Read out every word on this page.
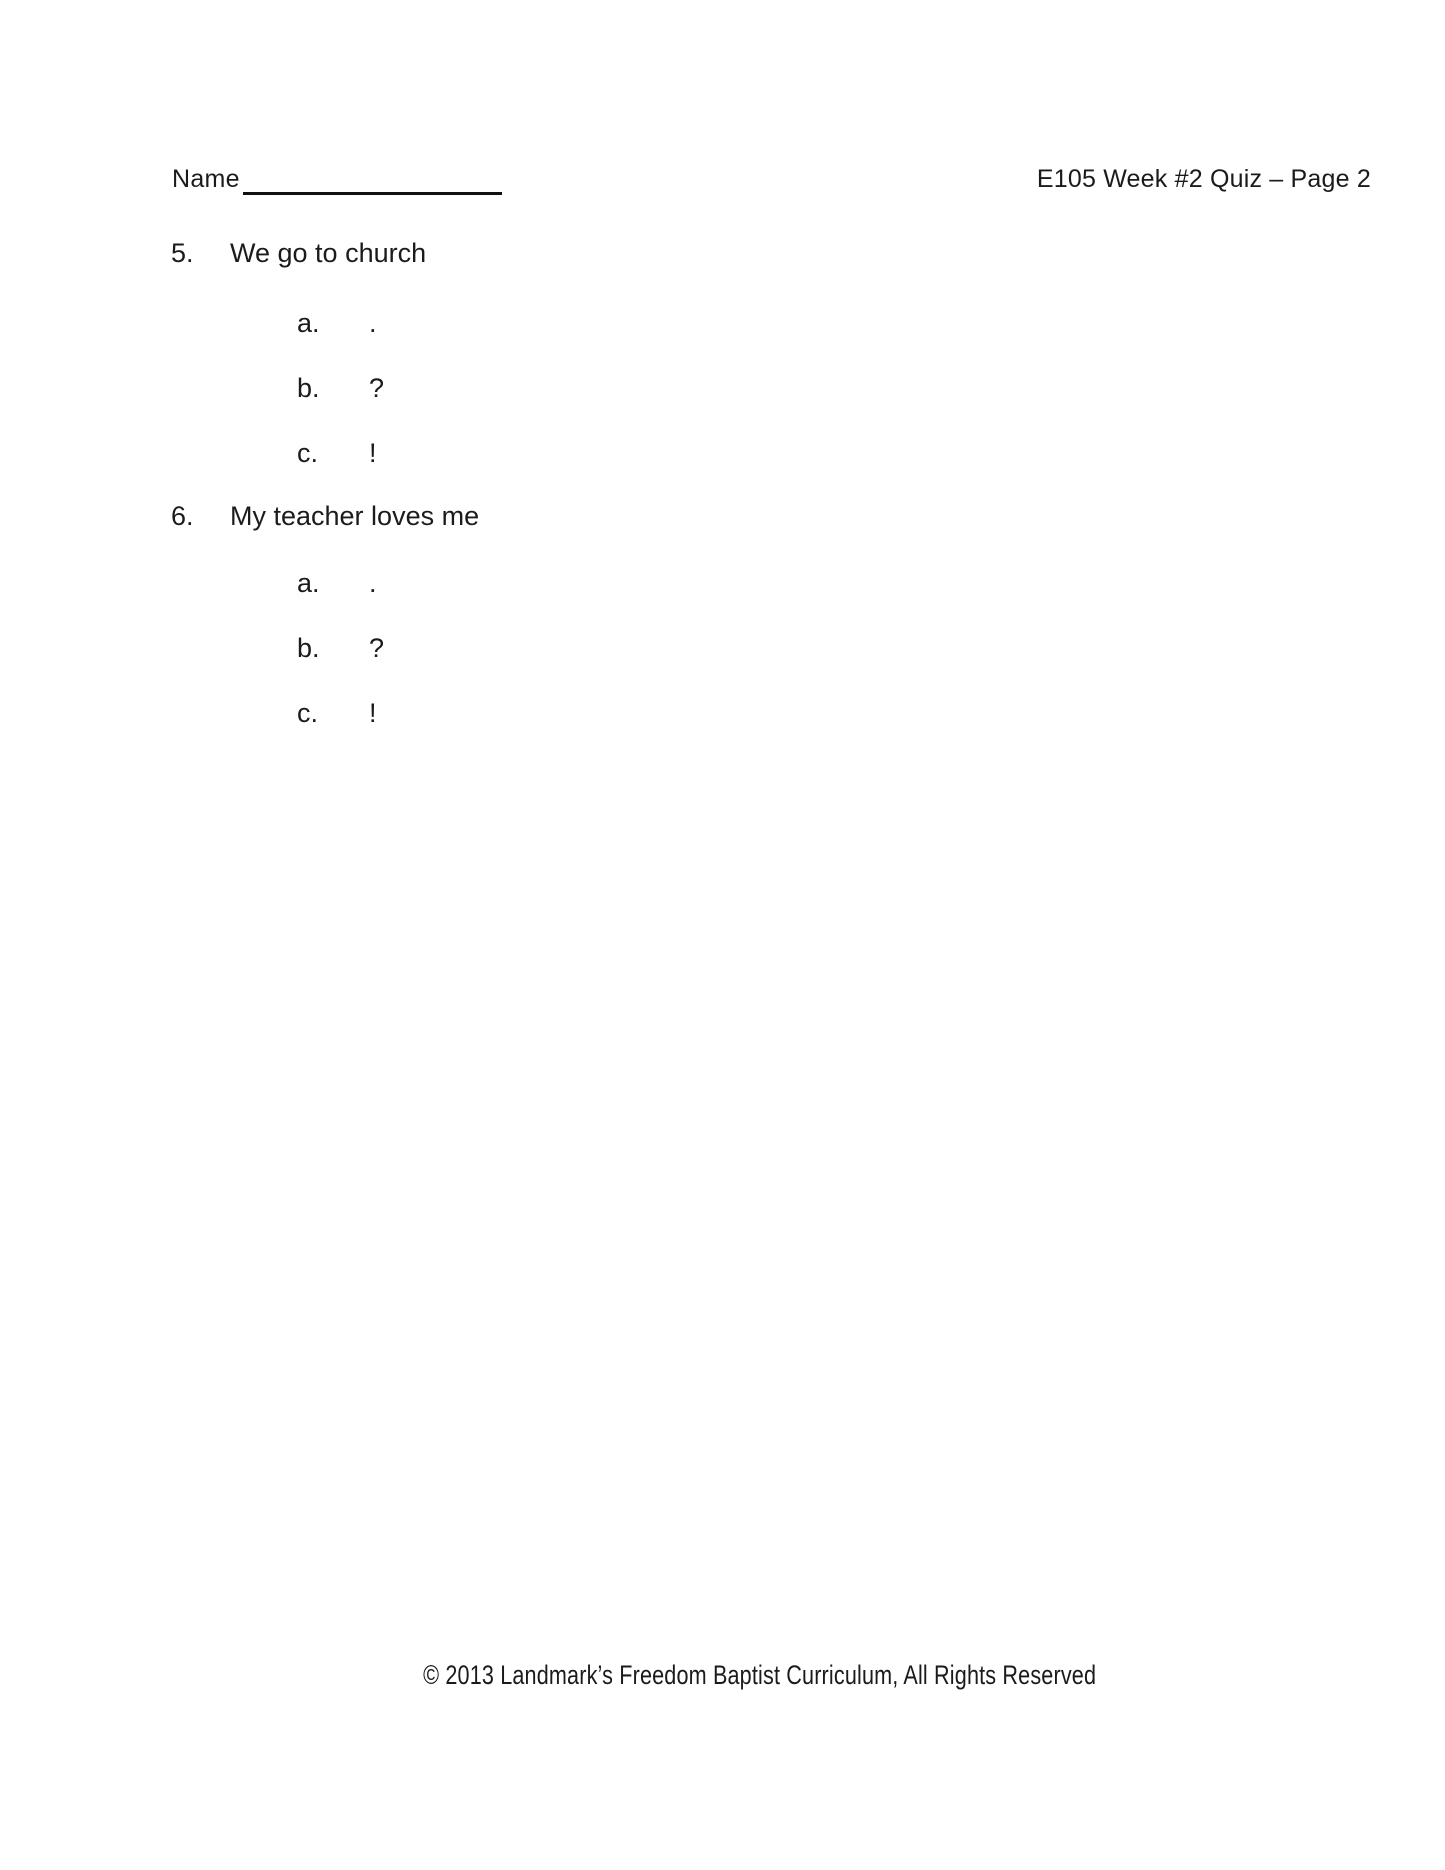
Name	E105 Week #2 Quiz – Page 2
5. We go to church
a. .
b. ?
c. !
6. My teacher loves me
a. .
b. ?
c. !
© 2013 Landmark’s Freedom Baptist Curriculum, All Rights Reserved
